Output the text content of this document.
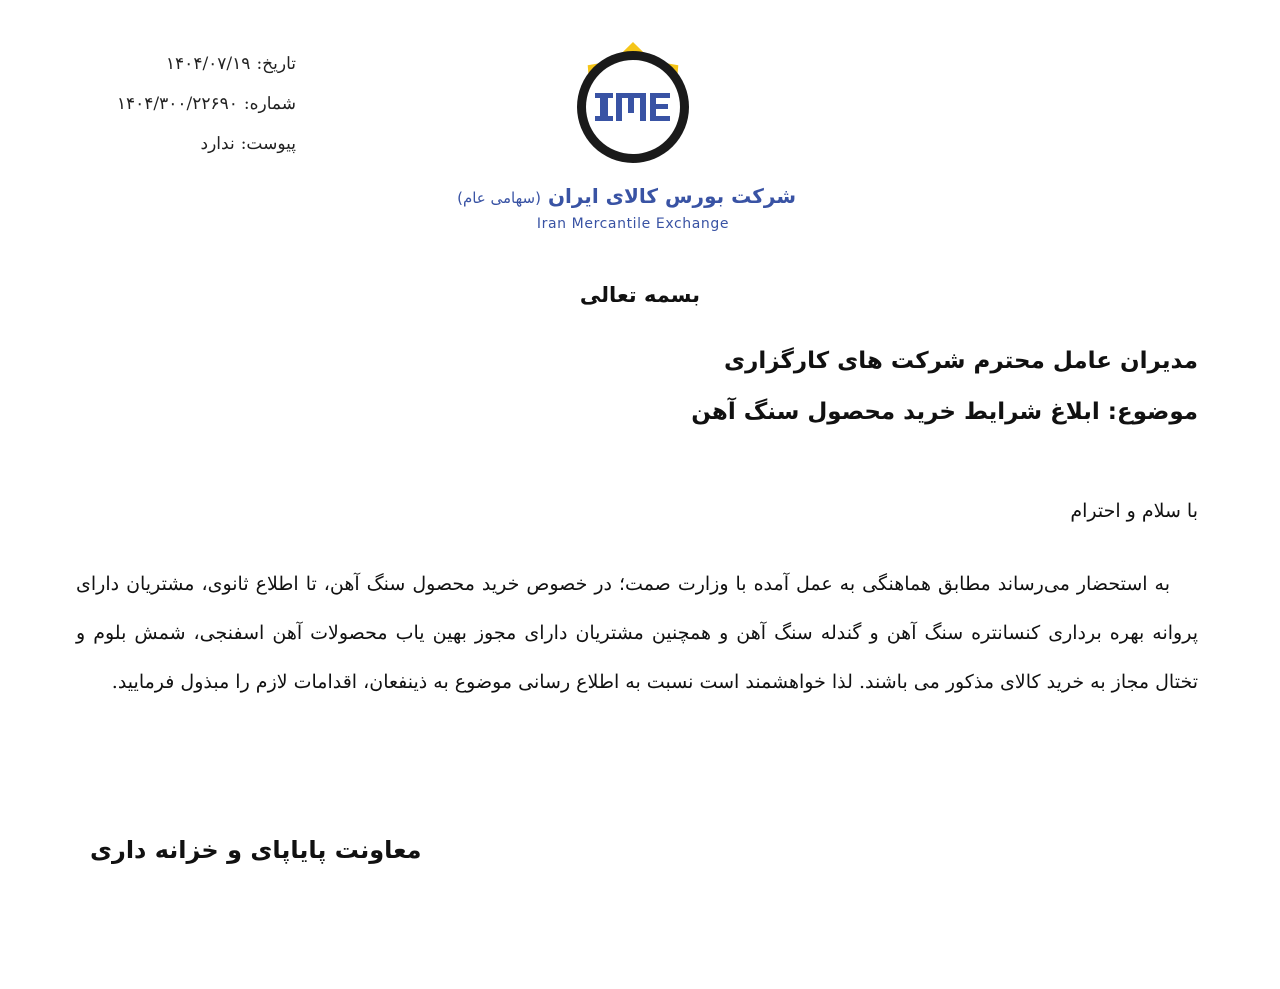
تاریخ:۱۴۰۴/۰۷/۱۹
شماره:۱۴۰۴/۳۰۰/۲۲۶۹۰
پیوست:ندارد
شرکت بورس کالای ایران (سهامی عام)
Iran Mercantile Exchange
بسمه تعالی
مدیران عامل محترم شرکت های کارگزاری
موضوع: ابلاغ شرایط خرید محصول سنگ آهن
با سلام و احترام
به استحضار می‌رساند مطابق هماهنگی به عمل آمده با وزارت صمت؛ در خصوص خرید محصول سنگ آهن، تا اطلاع ثانوی، مشتریان دارای پروانه بهره برداری کنسانتره سنگ آهن و گندله سنگ آهن و همچنین مشتریان دارای مجوز بهین یاب محصولات آهن اسفنجی، شمش بلوم و تختال مجاز به خرید کالای مذکور می باشند. لذا خواهشمند است نسبت به اطلاع رسانی موضوع به ذینفعان، اقدامات لازم را مبذول فرمایید.
معاونت پایاپای و خزانه داری
